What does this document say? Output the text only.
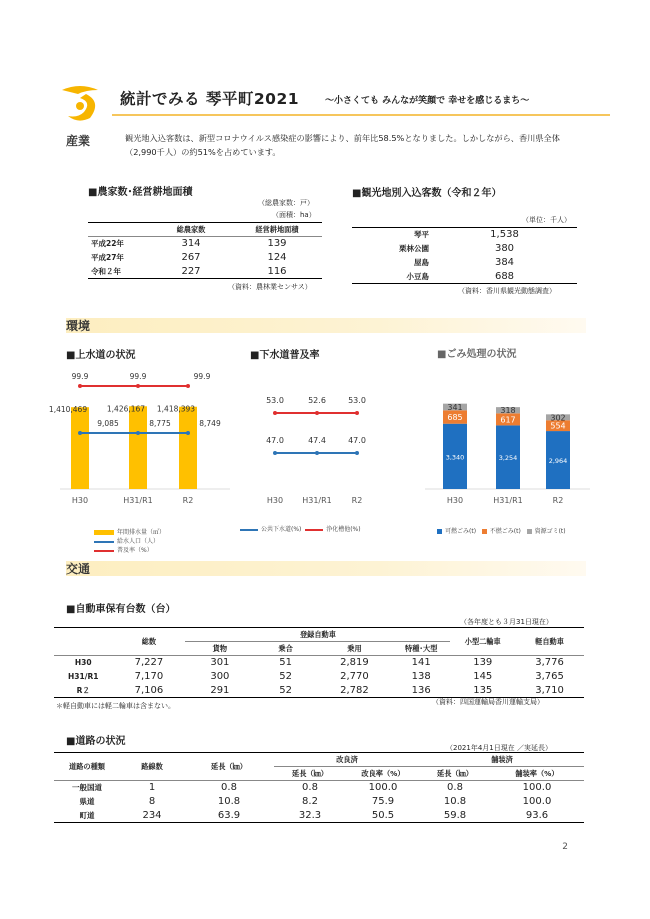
統計でみる 琴平町2021	～小さくても みんなが笑顔で 幸せを感じるまち～
産業	観光地入込客数は、新型コロナウイルス感染症の影響により、前年比58.5%となりました。しかしながら、香川県全体
（2,990千人）の約51%を占めています。
■農家数･経営耕地面積
（総農家数：戸）
（面積：ha）
	総農家数	経営耕地面積
平成22年	314	139
平成27年	267	124
令和２年	227	116
（資料：農林業センサス）
■観光地別入込客数（令和２年）
（単位：千人）
琴平	1,538
栗林公園	380
屋島	384
小豆島	688
（資料：香川県観光動態調査）
環境
■上水道の状況	■下水道普及率	■ごみ処理の状況
1,410,469	1,426,167 1,418,393
9,085	8,775	8,749
99.9	99.9	99.9
H30	H31/R1	R2
47.0	47.4	47.0
53.0	52.6	53.0
H30 H31/R1 R2
3,340
685
341
3,254
617
318
2,964
554
302
H30	H31/R1	R2
年間排水量（㎥）
給水人口（人）
普及率（%）
公共下水道(%)	浄化槽他(%)	可燃ごみ(t) 不燃ごみ(t) 資源ゴミ(t)
交通
■自動車保有台数（台）
（各年度とも３月31日現在）
	総数	登録自動車				小型二輪車	軽自動車
		貨物	乗合	乗用	特種･大型		
H30	7,227	301	51	2,819	141	139	3,776
H31/R1	7,170	300	52	2,770	138	145	3,765
R２	7,106	291	52	2,782	136	135	3,710
＊軽自動車には軽二輪車は含まない。	（資料：四国運輸局香川運輸支局）
■道路の状況
（2021年4月1日現在 ／実延長）
道路の種類	路線数	延長（㎞）	改良済		舗装済	
			延長（㎞）	改良率（%）	延長（㎞）	舗装率（%）
一般国道	1	0.8	0.8	100.0	0.8	100.0
県道	8	10.8	8.2	75.9	10.8	100.0
町道	234	63.9	32.3	50.5	59.8	93.6
2
